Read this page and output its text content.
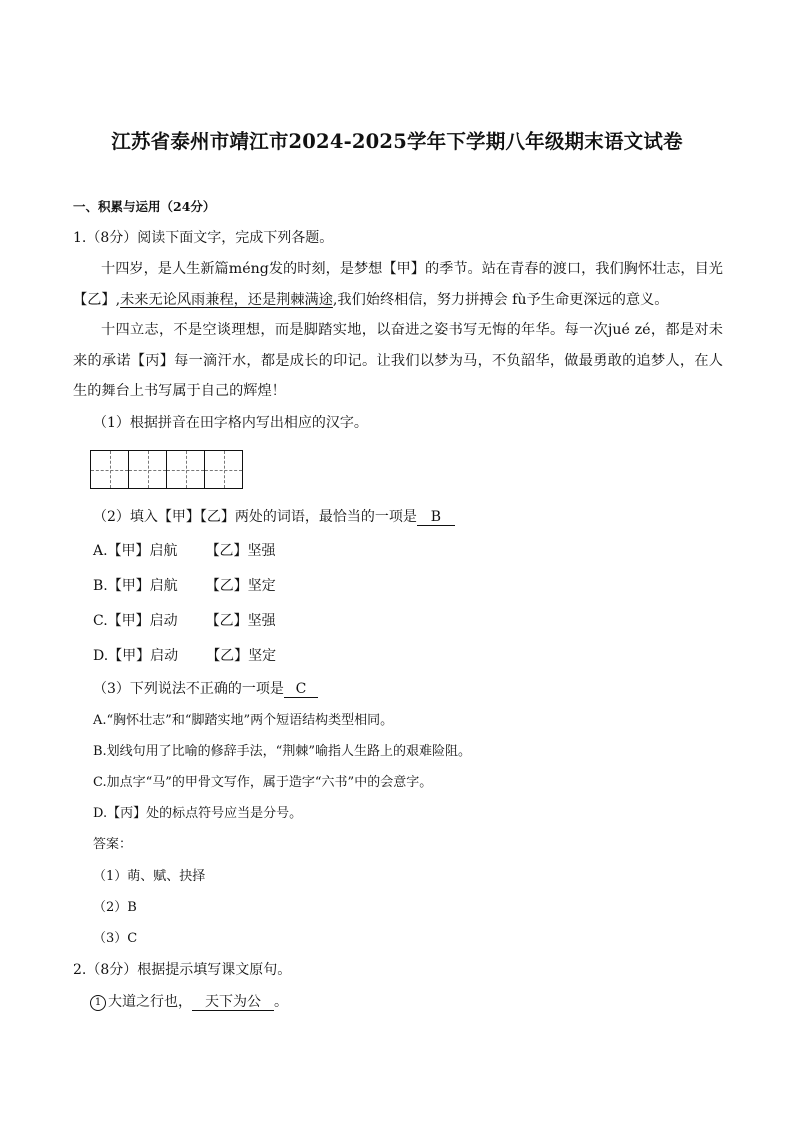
江苏省泰州市靖江市2024-2025学年下学期八年级期末语文试卷
一、积累与运用（24分）
1.（8分）阅读下面文字，完成下列各题。
十四岁，是人生新篇méng发的时刻，是梦想【甲】的季节。站在青春的渡口，我们胸怀壮志，目光【乙】,未来无论风雨兼程，还是荆棘满途,我们始终相信，努力拼搏会 fù予生命更深远的意义。
十四立志，不是空谈理想，而是脚踏实地，以奋进之姿书写无悔的年华。每一次jué zé，都是对未来的承诺【丙】每一滴汗水，都是成长的印记。让我们以梦为马，不负韶华，做最勇敢的追梦人，在人生的舞台上书写属于自己的辉煌！
（1）根据拼音在田字格内写出相应的汉字。
（2）填入【甲】【乙】两处的词语，最恰当的一项是 B
A.【甲】启航 【乙】坚强
B.【甲】启航 【乙】坚定
C.【甲】启动 【乙】坚强
D.【甲】启动 【乙】坚定
（3）下列说法不正确的一项是 C
A.“胸怀壮志”和“脚踏实地”两个短语结构类型相同。
B.划线句用了比喻的修辞手法，“荆棘”喻指人生路上的艰难险阻。
C.加点字“马”的甲骨文写作，属于造字“六书”中的会意字。
D.【丙】处的标点符号应当是分号。
答案：
（1）萌、赋、抉择
（2）B
（3）C
2.（8分）根据提示填写课文原句。
1 大道之行也， 天下为公 。
